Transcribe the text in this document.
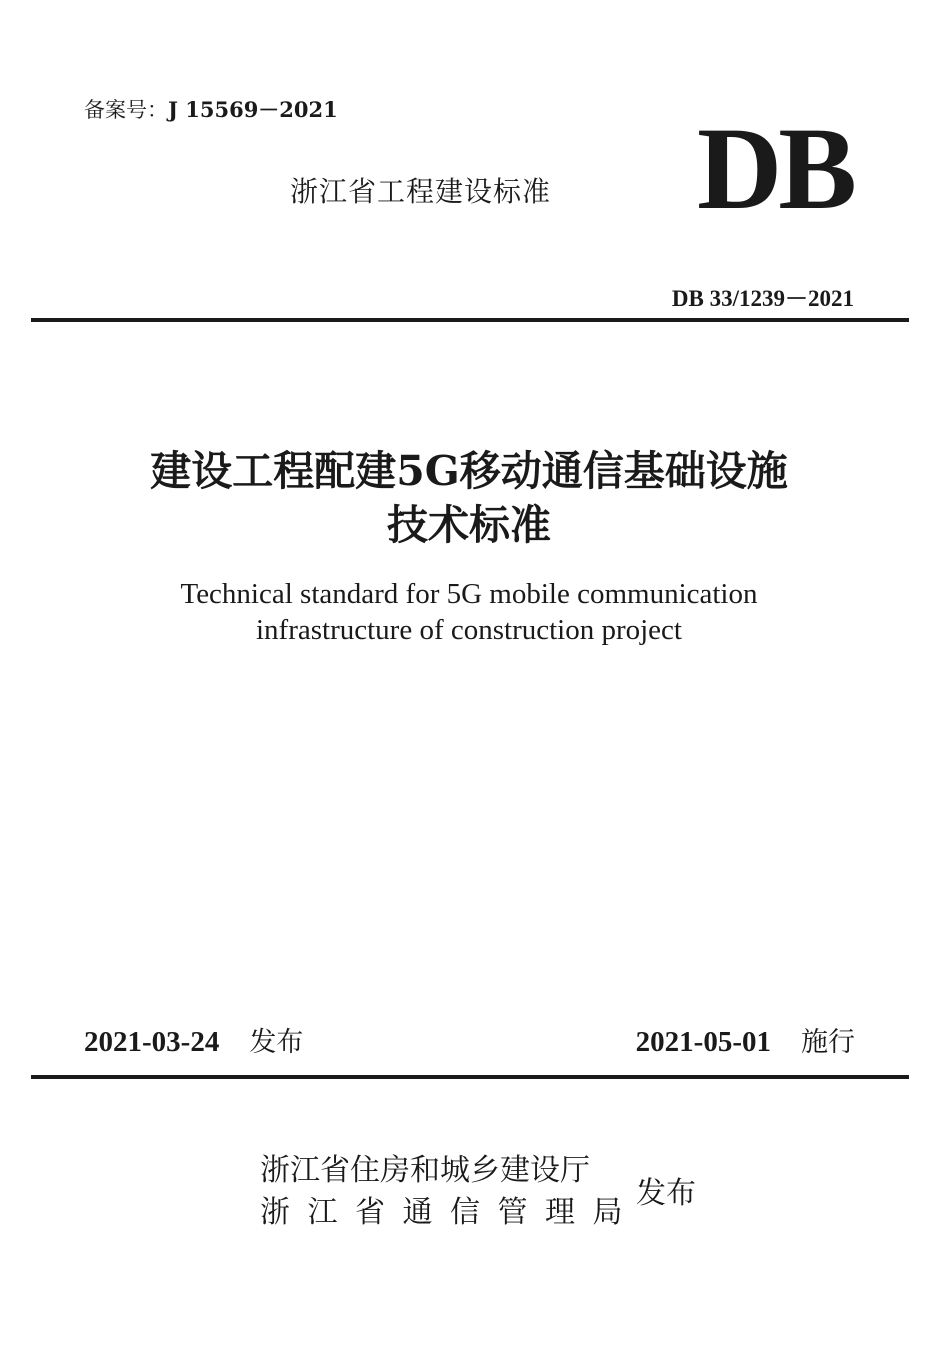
备案号：J 15569－2021
浙江省工程建设标准 DB
DB 33/1239－2021
建设工程配建5G移动通信基础设施
技术标准
Technical standard for 5G mobile communication
infrastructure of construction project
2021-03-24 发布	2021-05-01 施行
浙江省住房和城乡建设厅
浙江省通信管理局
发布
